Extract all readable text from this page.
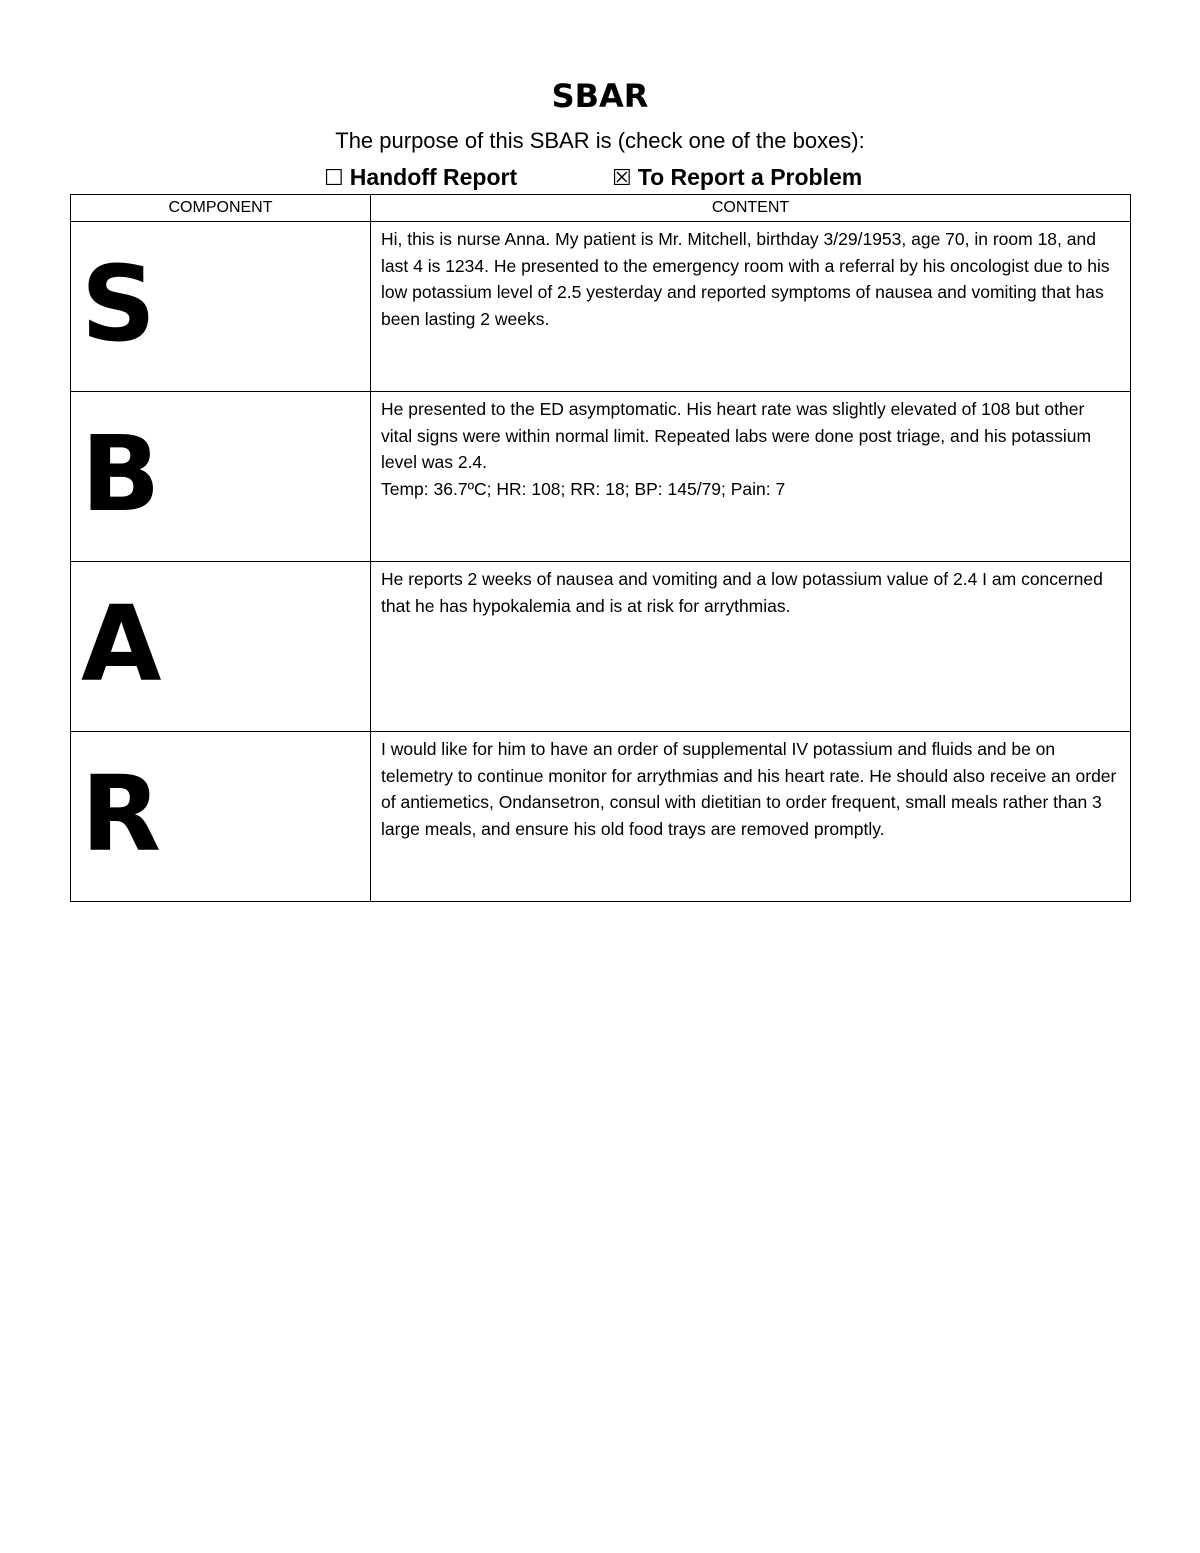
SBAR
The purpose of this SBAR is (check one of the boxes):
☐ Handoff Report	☒ To Report a Problem
COMPONENT	CONTENT

S	Hi, this is nurse Anna. My patient is Mr. Mitchell, birthday 3/29/1953, age 70, in room 18, and last 4 is 1234. He presented to the emergency room with a referral by his oncologist due to his low potassium level of 2.5 yesterday and reported symptoms of nausea and vomiting that has been lasting 2 weeks.

B	He presented to the ED asymptomatic. His heart rate was slightly elevated of 108 but other vital signs were within normal limit. Repeated labs were done post triage, and his potassium level was 2.4.
Temp: 36.7ºC; HR: 108; RR: 18; BP: 145/79; Pain: 7

A	He reports 2 weeks of nausea and vomiting and a low potassium value of 2.4 I am concerned that he has hypokalemia and is at risk for arrythmias.

R	I would like for him to have an order of supplemental IV potassium and fluids and be on telemetry to continue monitor for arrythmias and his heart rate. He should also receive an order of antiemetics, Ondansetron, consul with dietitian to order frequent, small meals rather than 3 large meals, and ensure his old food trays are removed promptly.
